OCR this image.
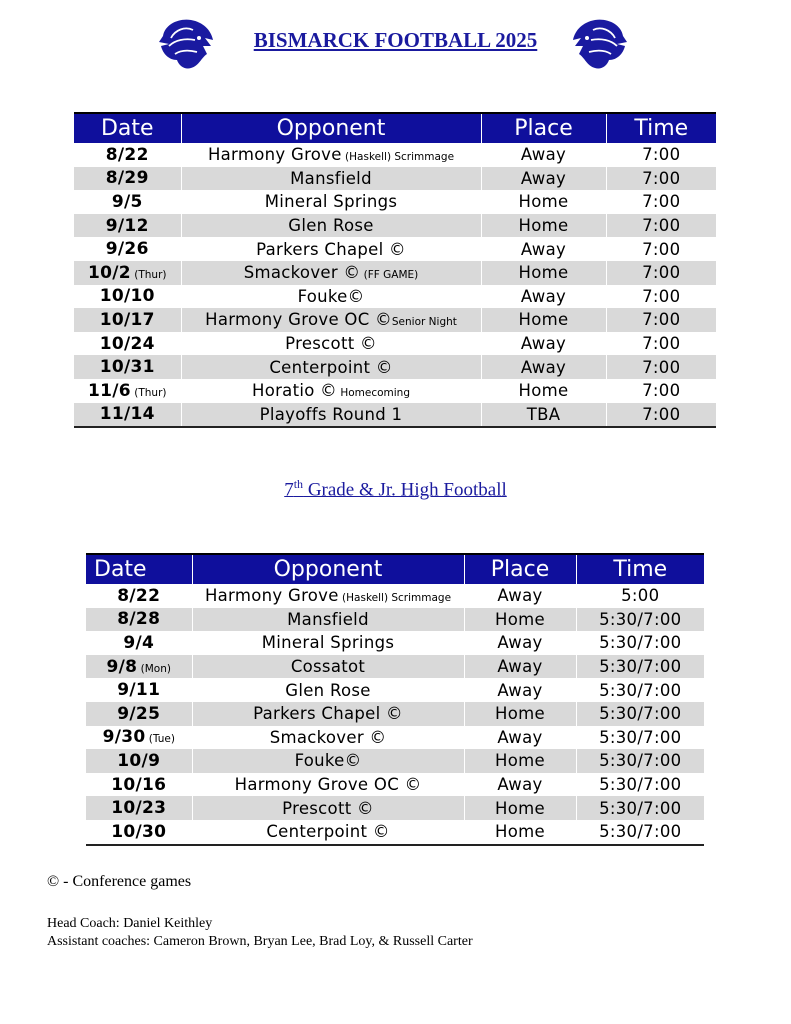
BISMARCK FOOTBALL 2025
Date	Opponent	Place	Time
8/22	Harmony Grove (Haskell) Scrimmage	Away	7:00
8/29	Mansfield	Away	7:00
9/5	Mineral Springs	Home	7:00
9/12	Glen Rose	Home	7:00
9/26	Parkers Chapel ©	Away	7:00
10/2 (Thur)	Smackover © (FF GAME)	Home	7:00
10/10	Fouke©	Away	7:00
10/17	Harmony Grove OC ©Senior Night	Home	7:00
10/24	Prescott ©	Away	7:00
10/31	Centerpoint ©	Away	7:00
11/6 (Thur)	Horatio © Homecoming	Home	7:00
11/14	Playoffs Round 1	TBA	7:00
7th Grade & Jr. High Football
Date	Opponent	Place	Time
8/22	Harmony Grove (Haskell) Scrimmage	Away	5:00
8/28	Mansfield	Home	5:30/7:00
9/4	Mineral Springs	Away	5:30/7:00
9/8 (Mon)	Cossatot	Away	5:30/7:00
9/11	Glen Rose	Away	5:30/7:00
9/25	Parkers Chapel ©	Home	5:30/7:00
9/30 (Tue)	Smackover ©	Away	5:30/7:00
10/9	Fouke©	Home	5:30/7:00
10/16	Harmony Grove OC ©	Away	5:30/7:00
10/23	Prescott ©	Home	5:30/7:00
10/30	Centerpoint ©	Home	5:30/7:00
© - Conference games
Head Coach: Daniel Keithley
Assistant coaches: Cameron Brown, Bryan Lee, Brad Loy, & Russell Carter
